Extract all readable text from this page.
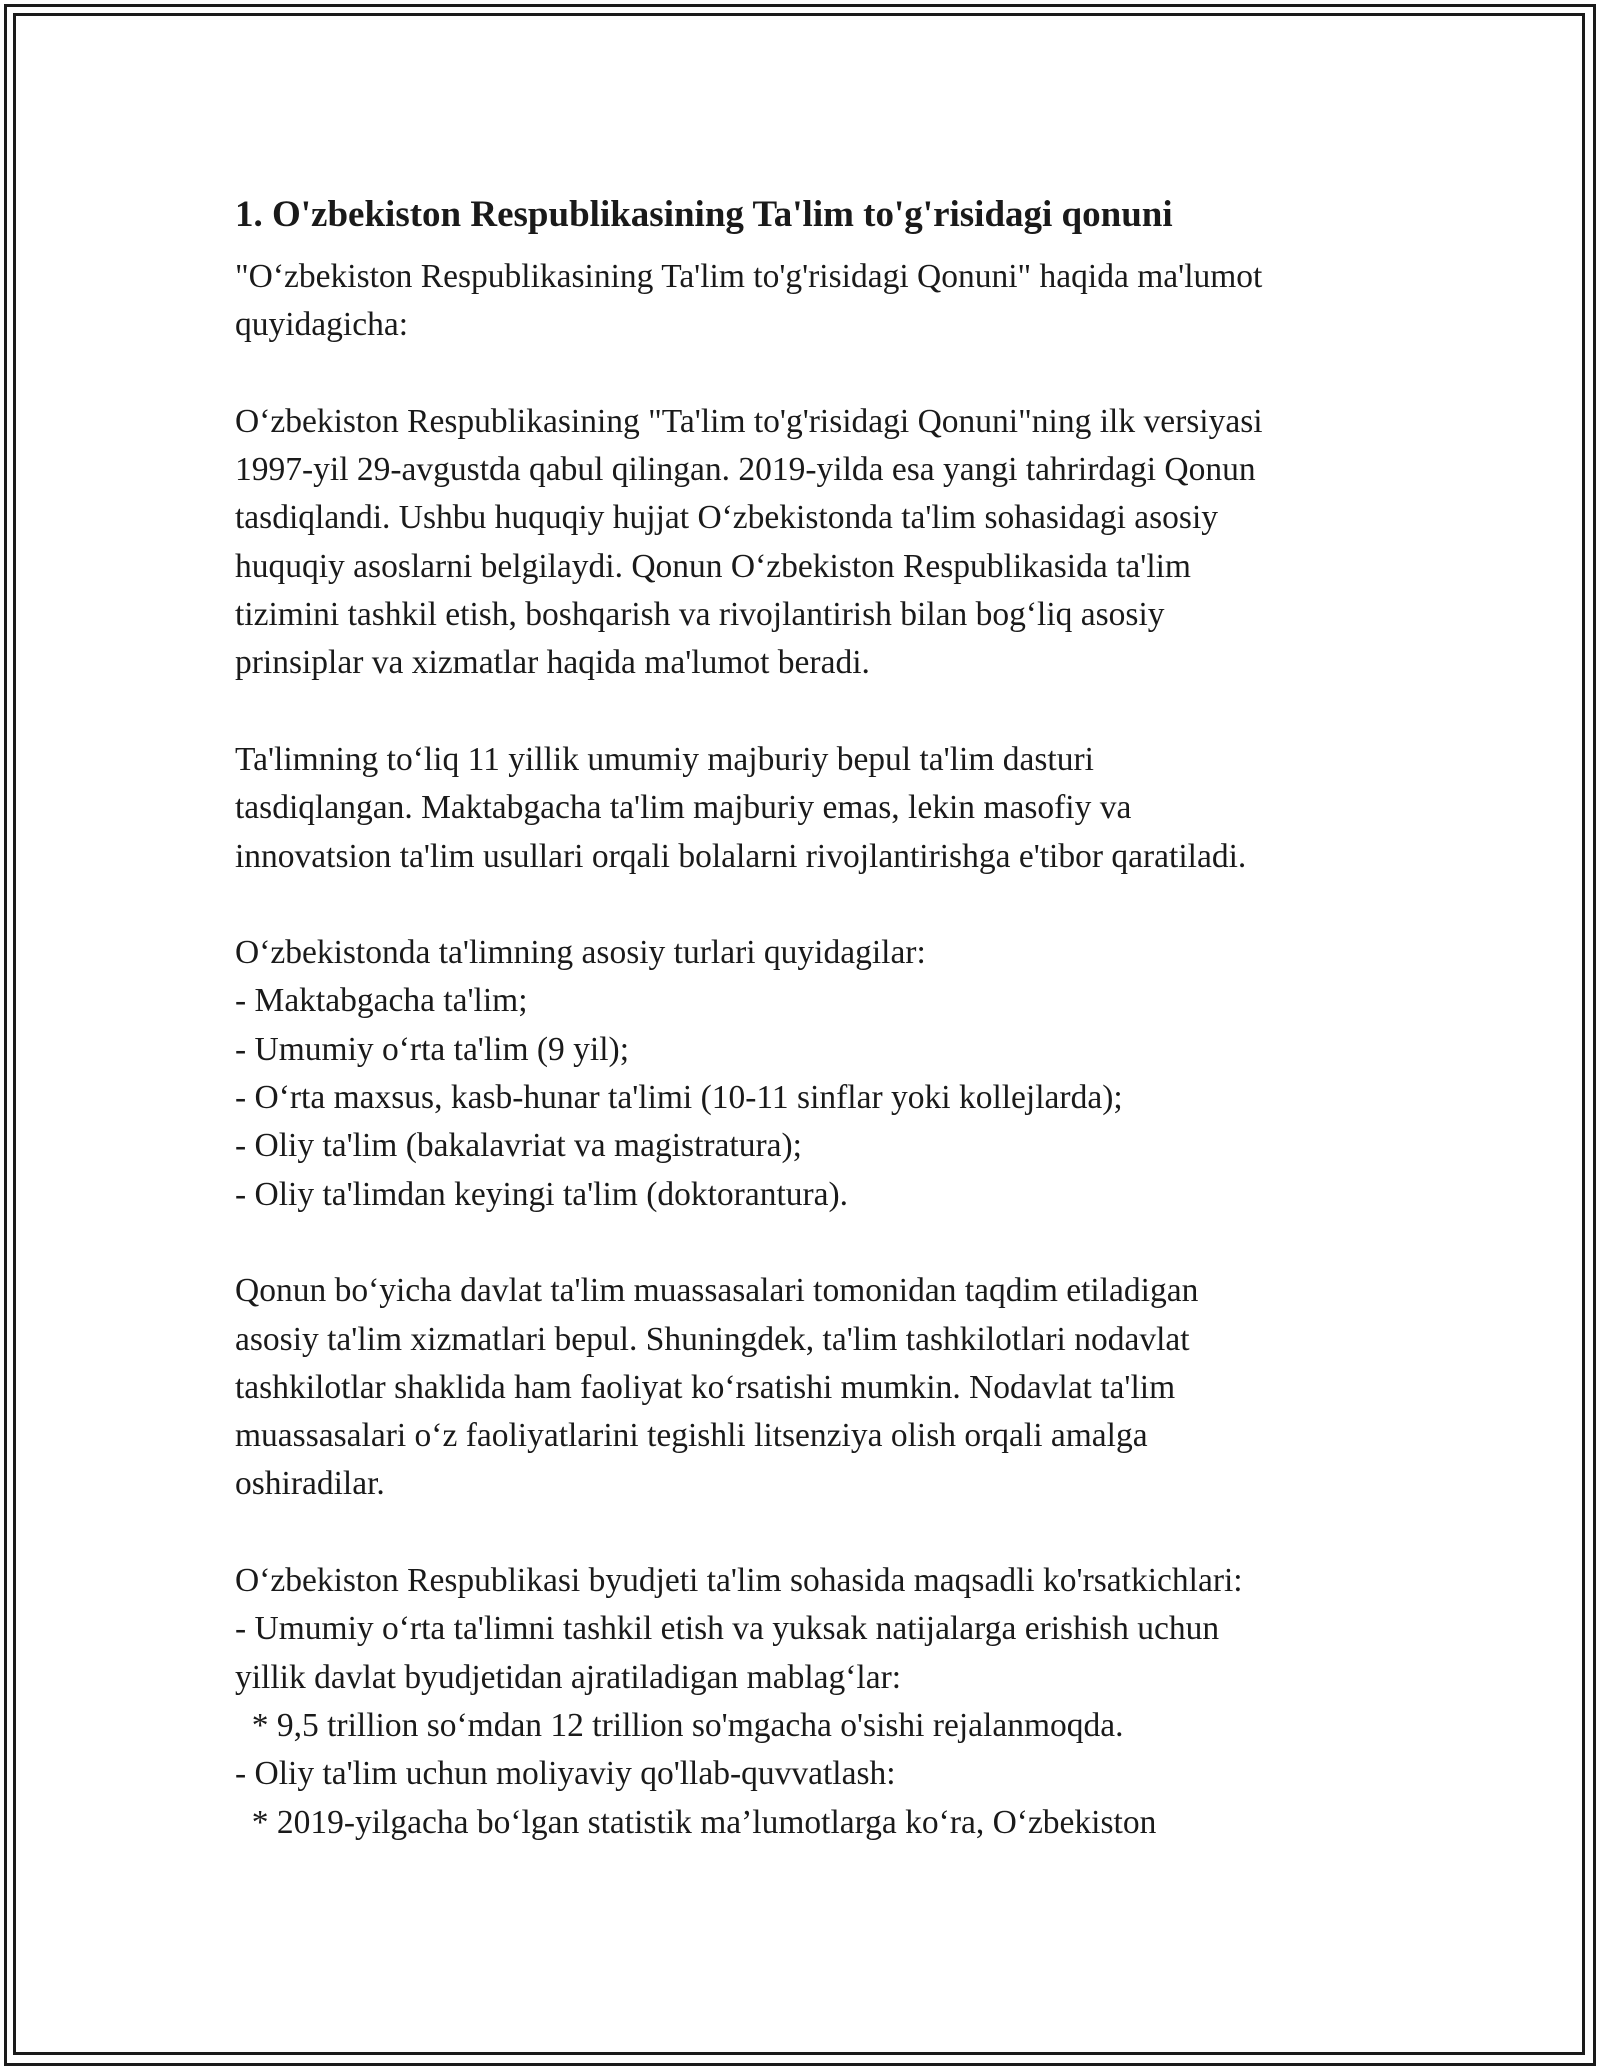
1. O'zbekiston Respublikasining Ta'lim to'g'risidagi qonuni
"O‘zbekiston Respublikasining Ta'lim to'g'risidagi Qonuni" haqida ma'lumot
quyidagicha:
O‘zbekiston Respublikasining "Ta'lim to'g'risidagi Qonuni"ning ilk versiyasi
1997-yil 29-avgustda qabul qilingan. 2019-yilda esa yangi tahrirdagi Qonun
tasdiqlandi. Ushbu huquqiy hujjat O‘zbekistonda ta'lim sohasidagi asosiy
huquqiy asoslarni belgilaydi. Qonun O‘zbekiston Respublikasida ta'lim
tizimini tashkil etish, boshqarish va rivojlantirish bilan bog‘liq asosiy
prinsiplar va xizmatlar haqida ma'lumot beradi.
Ta'limning to‘liq 11 yillik umumiy majburiy bepul ta'lim dasturi
tasdiqlangan. Maktabgacha ta'lim majburiy emas, lekin masofiy va
innovatsion ta'lim usullari orqali bolalarni rivojlantirishga e'tibor qaratiladi.
O‘zbekistonda ta'limning asosiy turlari quyidagilar:
- Maktabgacha ta'lim;
- Umumiy o‘rta ta'lim (9 yil);
- O‘rta maxsus, kasb-hunar ta'limi (10-11 sinflar yoki kollejlarda);
- Oliy ta'lim (bakalavriat va magistratura);
- Oliy ta'limdan keyingi ta'lim (doktorantura).
Qonun bo‘yicha davlat ta'lim muassasalari tomonidan taqdim etiladigan
asosiy ta'lim xizmatlari bepul. Shuningdek, ta'lim tashkilotlari nodavlat
tashkilotlar shaklida ham faoliyat ko‘rsatishi mumkin. Nodavlat ta'lim
muassasalari o‘z faoliyatlarini tegishli litsenziya olish orqali amalga
oshiradilar.
O‘zbekiston Respublikasi byudjeti ta'lim sohasida maqsadli ko'rsatkichlari:
- Umumiy o‘rta ta'limni tashkil etish va yuksak natijalarga erishish uchun
yillik davlat byudjetidan ajratiladigan mablag‘lar:
* 9,5 trillion so‘mdan 12 trillion so'mgacha o'sishi rejalanmoqda.
- Oliy ta'lim uchun moliyaviy qo'llab-quvvatlash:
* 2019-yilgacha bo‘lgan statistik ma’lumotlarga ko‘ra, O‘zbekiston
